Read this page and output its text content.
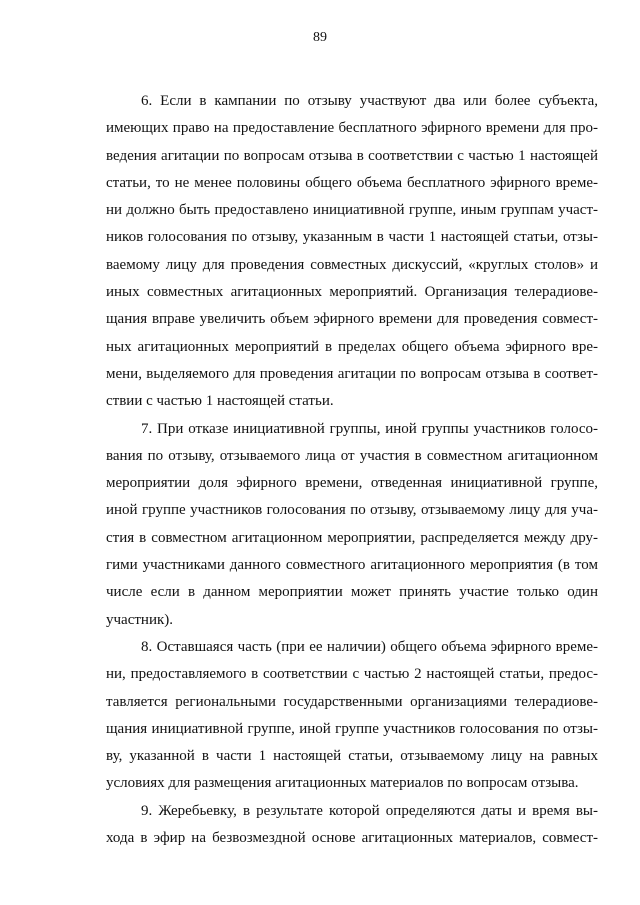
89
6. Если в кампании по отзыву участвуют два или более субъекта,
имеющих право на предоставление бесплатного эфирного времени для про-
ведения агитации по вопросам отзыва в соответствии с частью 1 настоящей
статьи, то не менее половины общего объема бесплатного эфирного време-
ни должно быть предоставлено инициативной группе, иным группам участ-
ников голосования по отзыву, указанным в части 1 настоящей статьи, отзы-
ваемому лицу для проведения совместных дискуссий, «круглых столов» и
иных совместных агитационных мероприятий. Организация телерадиове-
щания вправе увеличить объем эфирного времени для проведения совмест-
ных агитационных мероприятий в пределах общего объема эфирного вре-
мени, выделяемого для проведения агитации по вопросам отзыва в соответ-
ствии с частью 1 настоящей статьи.
7. При отказе инициативной группы, иной группы участников голосо-
вания по отзыву, отзываемого лица от участия в совместном агитационном
мероприятии доля эфирного времени, отведенная инициативной группе,
иной группе участников голосования по отзыву, отзываемому лицу для уча-
стия в совместном агитационном мероприятии, распределяется между дру-
гими участниками данного совместного агитационного мероприятия (в том
числе если в данном мероприятии может принять участие только один
участник).
8. Оставшаяся часть (при ее наличии) общего объема эфирного време-
ни, предоставляемого в соответствии с частью 2 настоящей статьи, предос-
тавляется региональными государственными организациями телерадиове-
щания инициативной группе, иной группе участников голосования по отзы-
ву, указанной в части 1 настоящей статьи, отзываемому лицу на равных
условиях для размещения агитационных материалов по вопросам отзыва.
9. Жеребьевку, в результате которой определяются даты и время вы-
хода в эфир на безвозмездной основе агитационных материалов, совмест-
